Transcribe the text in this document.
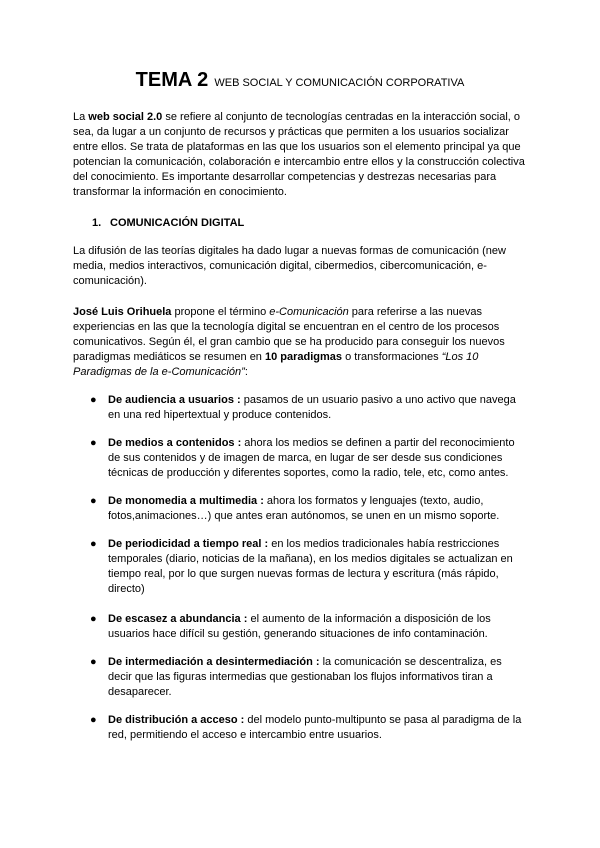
TEMA 2 WEB SOCIAL Y COMUNICACIÓN CORPORATIVA

La web social 2.0 se refiere al conjunto de tecnologías centradas en la interacción social, o sea, da lugar a un conjunto de recursos y prácticas que permiten a los usuarios socializar entre ellos. Se trata de plataformas en las que los usuarios son el elemento principal ya que potencian la comunicación, colaboración e intercambio entre ellos y la construcción colectiva del conocimiento. Es importante desarrollar competencias y destrezas necesarias para transformar la información en conocimiento.

1. COMUNICACIÓN DIGITAL

La difusión de las teorías digitales ha dado lugar a nuevas formas de comunicación (new media, medios interactivos, comunicación digital, cibermedios, cibercomunicación, e-comunicación).

José Luis Orihuela propone el término e-Comunicación para referirse a las nuevas experiencias en las que la tecnología digital se encuentran en el centro de los procesos comunicativos. Según él, el gran cambio que se ha producido para conseguir los nuevos paradigmas mediáticos se resumen en 10 paradigmas o transformaciones “Los 10 Paradigmas de la e-Comunicación”:

● De audiencia a usuarios : pasamos de un usuario pasivo a uno activo que navega en una red hipertextual y produce contenidos.
● De medios a contenidos : ahora los medios se definen a partir del reconocimiento de sus contenidos y de imagen de marca, en lugar de ser desde sus condiciones técnicas de producción y diferentes soportes, como la radio, tele, etc, como antes.
● De monomedia a multimedia : ahora los formatos y lenguajes (texto, audio, fotos,animaciones…) que antes eran autónomos, se unen en un mismo soporte.
● De periodicidad a tiempo real : en los medios tradicionales había restricciones temporales (diario, noticias de la mañana), en los medios digitales se actualizan en tiempo real, por lo que surgen nuevas formas de lectura y escritura (más rápido, directo)
● De escasez a abundancia : el aumento de la información a disposición de los usuarios hace difícil su gestión, generando situaciones de info contaminación.
● De intermediación a desintermediación : la comunicación se descentraliza, es decir que las figuras intermedias que gestionaban los flujos informativos tiran a desaparecer.
● De distribución a acceso : del modelo punto-multipunto se pasa al paradigma de la red, permitiendo el acceso e intercambio entre usuarios.
